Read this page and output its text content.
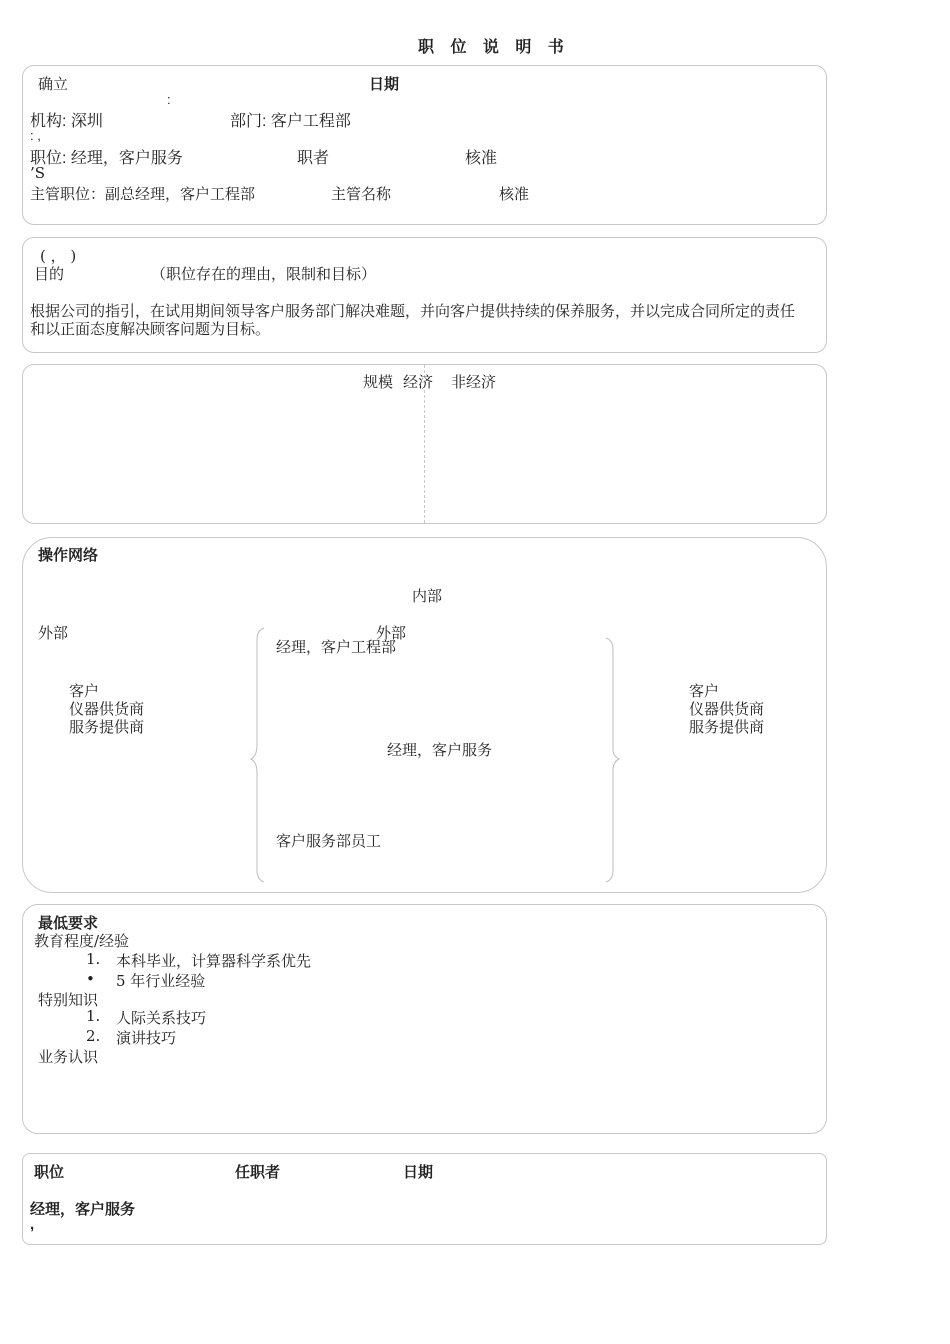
职 位 说 明 书
确立	日期
:
机构: 深圳	部门: 客户工程部
: ,
职位: 经理，客户服务	职者	核准
’S
主管职位：副总经理，客户工程部	主管名称	核准
( ， )
目的	（职位存在的理由，限制和目标）
根据公司的指引，在试用期间领导客户服务部门解决难题，并向客户提供持续的保养服务，并以完成合同所定的责任
和以正面态度解决顾客问题为目标。
规模 经济 非经济
操作网络
内部
外部	外部
客户
仪器供货商
服务提供商
经理，客户工程部
经理，客户服务
客户服务部员工
客户
仪器供货商
服务提供商
最低要求
教育程度/经验
1. 本科毕业，计算器科学系优先
• 5 年行业经验
特别知识
1. 人际关系技巧
2. 演讲技巧
业务认识
职位	任职者	日期
经理，客户服务
,
